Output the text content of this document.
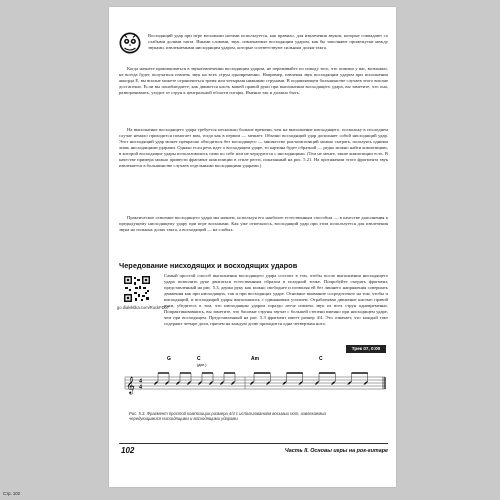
Восходящий удар при игре восьмыми нотами используется, как правило, для извлечения звуков, которые совпадают со слабыми долями такта. Иными словами, звук, извлекаемые восходящим ударом, как бы заполняют промежутки между звуками, извлекаемыми нисходящим ударом, которые соответствуют сильным долям такта.

Когда начнете практиковаться в звукоизвлечении восходящим ударом, не переживайте по поводу того, что помимо у вас, возможно, не всегда будет получаться извлечь звук на всех струн одновременно. Например, извлекая звук восходящим ударом при исполнении аккорда E, вы вполне можете ограничиться тремя или четырьмя нижними струнами. В подавляющем большинстве случаев этого вполне достаточно. Если вы понаблюдаете, как движется кисть вашей правой руки при выполнении восходящего удара, вы заметите, что она, разворачиваясь, уходит от струн к центральной области гитары. Именно так и должно быть.

На выполнение восходящего удара требуется несколько больше времени, чем на выполнение нисходящего, поскольку в последнем случае немало приходится помогает вам, тогда как в первом — мешает. Обычно восходящий удар дополняет собой нисходящий удар. Этот нисходящий удар может прекрасно обходиться без восходящего — множество рок-композиций можно сыграть, пользуясь одними лишь нисходящими ударами. Однако если речь идет о восходящем ударе, то картина будет обратной — редко можно найти композицию, в которой восходящие удары использовались сами по себе или не чередуются с нисходящими. (Тем не менее, такие композиции есть. В качестве примера можно привести фрагмент композиции в стиле регги, показанный на рис. 5.21. На протяжении этого фрагмента звук извлекается в большинстве случаев отдельными восходящими ударами.)

Практическое освоение восходящего удара мы начнем, используя его наиболее естественным способом — в качестве дополнения к предыдущему нисходящему удару при игре восьмыми. Как уже отмечалось, восходящий удар при этом используется для извлечения звука на сильных долях такта, а восходящий — на слабых.

Чередование нисходящих и восходящих ударов
go.dialektika.com/RockFD07

Самый простой способ выполнения восходящего удара состоит в том, чтобы после выполнения нисходящего удара позволить руке двигаться естественным образом в исходной точке. Попробуйте сыграть фрагмент, представленный на рис. 5.3, держа руку как можно свободнее и позволяя ей без лишнего напряжения совершать движения как при нисходящих, так и при восходящих ударе. Основное внимание сосредоточьте на том, чтобы и нисходящий, и восходящий удары выполнялись с одинаковым усилием. Отрабатывая движение кистью правой руки, убедитесь в том, что нисходящим ударом гораздо легче извлечь звук из всех струн одновременно. Попрактиковавшись, вы заметите, что басовые струны звучат с большей степени именно при нисходящем ударе, чем при восходящем. Представленный на рис. 5.3 фрагмент имеет размер 4/4. Это означает, что каждый такт содержит четыре доли, причем на каждую долю приходится одна четвертная нота.

Трек 07, 0:00
G	C
(доп.)
Am	C
𝄞 4
4
Рис. 5.3. Фрагмент простой композиции размера 4/4 с использованием восьмых нот, извлекаемых чередующимися нисходящими и восходящими ударами
102	Часть II. Основы игры на рок-гитаре
Стр. 102
